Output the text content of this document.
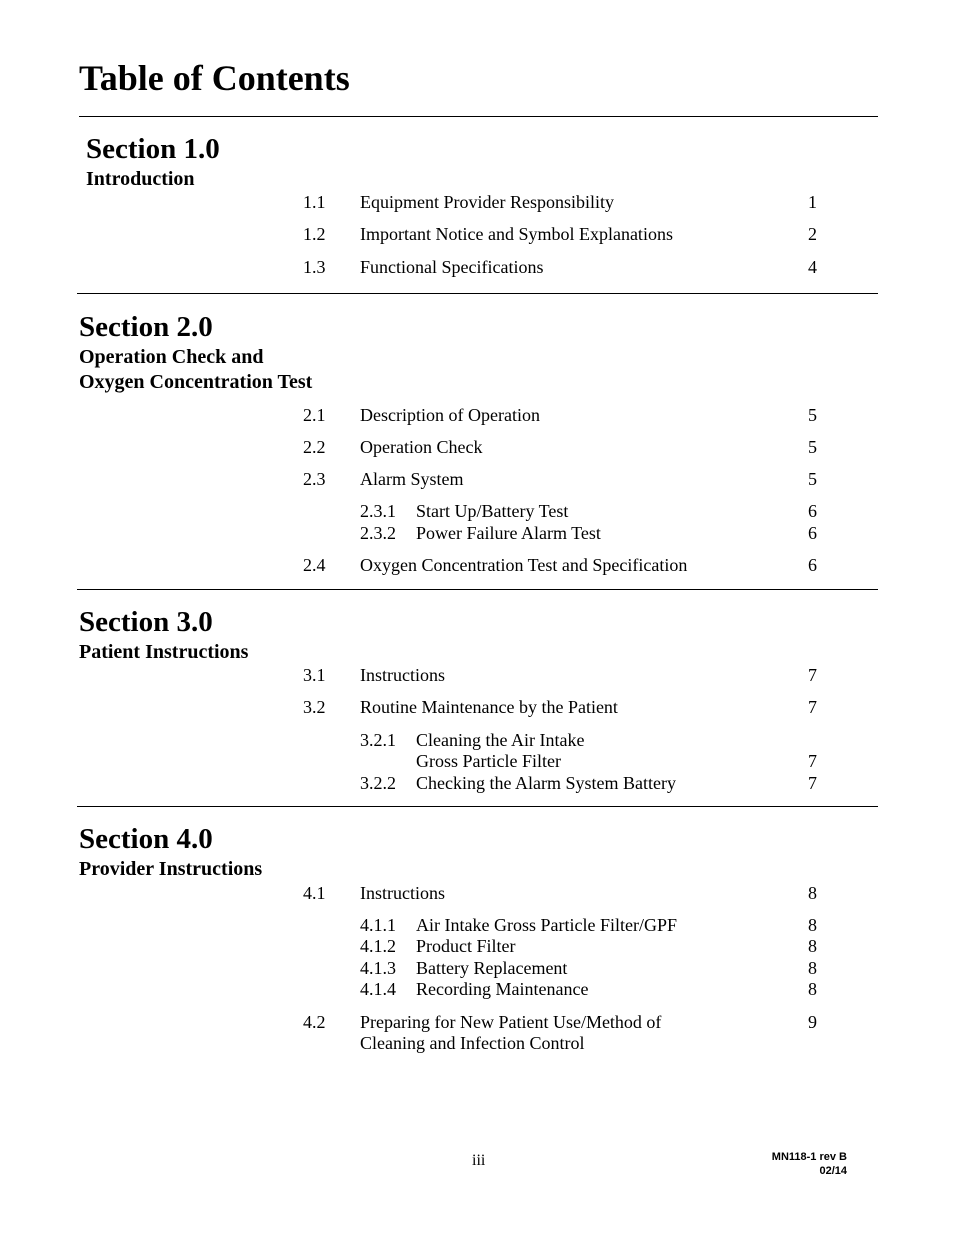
Table of Contents
Section 1.0
Introduction
1.1 Equipment Provider Responsibility	1
1.2 Important Notice and Symbol Explanations	2
1.3 Functional Specifications	4
Section 2.0
Operation Check and
Oxygen Concentration Test
2.1 Description of Operation	5
2.2 Operation Check	5
2.3 Alarm System	5
2.3.1 Start Up/Battery Test	6
2.3.2 Power Failure Alarm Test	6
2.4 Oxygen Concentration Test and Specification	6
Section 3.0
Patient Instructions
3.1 Instructions	7
3.2 Routine Maintenance by the Patient	7
3.2.1 Cleaning the Air Intake
Gross Particle Filter	7
3.2.2 Checking the Alarm System Battery	7
Section 4.0
Provider Instructions
4.1 Instructions	8
4.1.1 Air Intake Gross Particle Filter/GPF	8
4.1.2 Product Filter	8
4.1.3 Battery Replacement	8
4.1.4 Recording Maintenance	8
4.2 Preparing for New Patient Use/Method of
Cleaning and Infection Control
9
iii	MN118-1 rev B
02/14
